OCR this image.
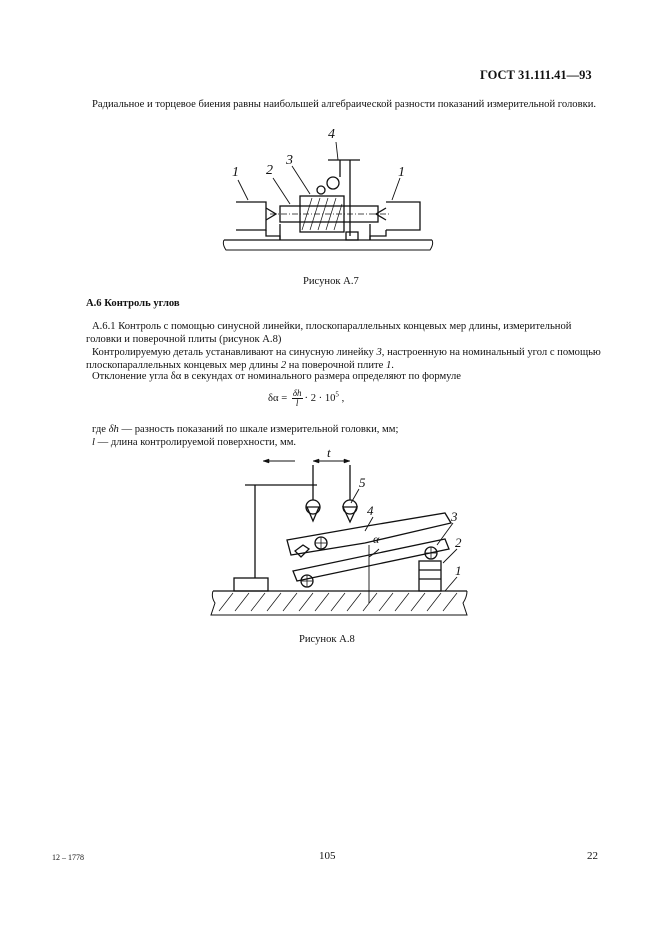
ГОСТ 31.111.41—93
Радиальное и торцевое биения равны наибольшей алгебраической разности показаний измерительной головки.
1 2
3
4
1
Рисунок А.7
А.6 Контроль углов
А.6.1 Контроль с помощью синусной линейки, плоскопараллельных концевых мер длины, измерительной головки и поверочной плиты (рисунок А.8)
Контролируемую деталь устанавливают на синусную линейку 3, настроенную на номинальный угол с помощью плоскопараллельных концевых мер длины 2 на поверочной плите 1.
Отклонение угла δα в секундах от номинального размера определяют по формуле
$\delta\alpha = \frac{\delta h}{l} \cdot 2 \cdot 10^5$ ,
где δh — разность показаний по шкале измерительной головки, мм;
l — длина контролируемой поверхности, мм.
t
α
5
4	3
2
1
Рисунок А.8
12 – 1778	105	22
